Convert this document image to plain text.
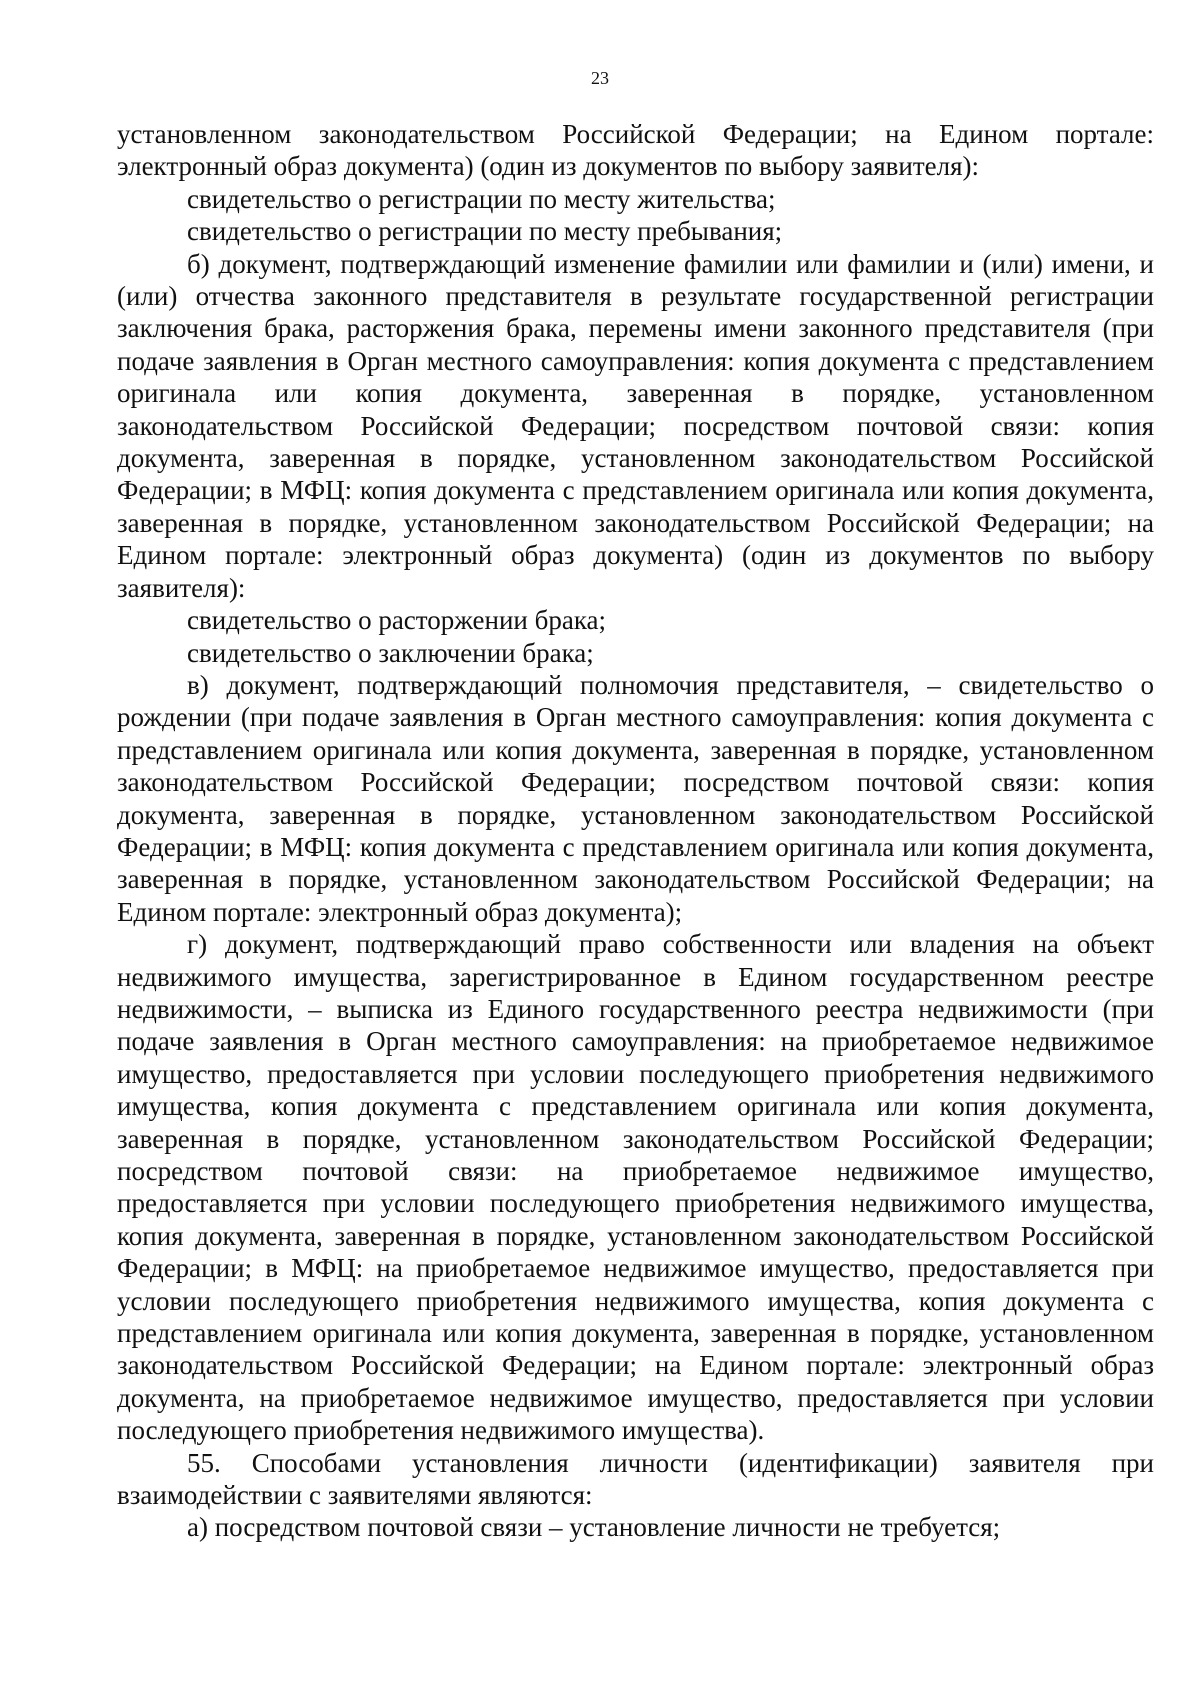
23

установленном законодательством Российской Федерации; на Едином портале: электронный образ документа) (один из документов по выбору заявителя):

свидетельство о регистрации по месту жительства;

свидетельство о регистрации по месту пребывания;

б) документ, подтверждающий изменение фамилии или фамилии и (или) имени, и (или) отчества законного представителя в результате государственной регистрации заключения брака, расторжения брака, перемены имени законного представителя (при подаче заявления в Орган местного самоуправления: копия документа с представлением оригинала или копия документа, заверенная в порядке, установленном законодательством Российской Федерации; посредством почтовой связи: копия документа, заверенная в порядке, установленном законодательством Российской Федерации; в МФЦ: копия документа с представлением оригинала или копия документа, заверенная в порядке, установленном законодательством Российской Федерации; на Едином портале: электронный образ документа) (один из документов по выбору заявителя):

свидетельство о расторжении брака;

свидетельство о заключении брака;

в) документ, подтверждающий полномочия представителя, – свидетельство о рождении (при подаче заявления в Орган местного самоуправления: копия документа с представлением оригинала или копия документа, заверенная в порядке, установленном законодательством Российской Федерации; посредством почтовой связи: копия документа, заверенная в порядке, установленном законодательством Российской Федерации; в МФЦ: копия документа с представлением оригинала или копия документа, заверенная в порядке, установленном законодательством Российской Федерации; на Едином портале: электронный образ документа);

г) документ, подтверждающий право собственности или владения на объект недвижимого имущества, зарегистрированное в Едином государственном реестре недвижимости, – выписка из Единого государственного реестра недвижимости (при подаче заявления в Орган местного самоуправления: на приобретаемое недвижимое имущество, предоставляется при условии последующего приобретения недвижимого имущества, копия документа с представлением оригинала или копия документа, заверенная в порядке, установленном законодательством Российской Федерации; посредством почтовой связи: на приобретаемое недвижимое имущество, предоставляется при условии последующего приобретения недвижимого имущества, копия документа, заверенная в порядке, установленном законодательством Российской Федерации; в МФЦ: на приобретаемое недвижимое имущество, предоставляется при условии последующего приобретения недвижимого имущества, копия документа с представлением оригинала или копия документа, заверенная в порядке, установленном законодательством Российской Федерации; на Едином портале: электронный образ документа, на приобретаемое недвижимое имущество, предоставляется при условии последующего приобретения недвижимого имущества).

55. Способами установления личности (идентификации) заявителя при взаимодействии с заявителями являются:

а) посредством почтовой связи – установление личности не требуется;
